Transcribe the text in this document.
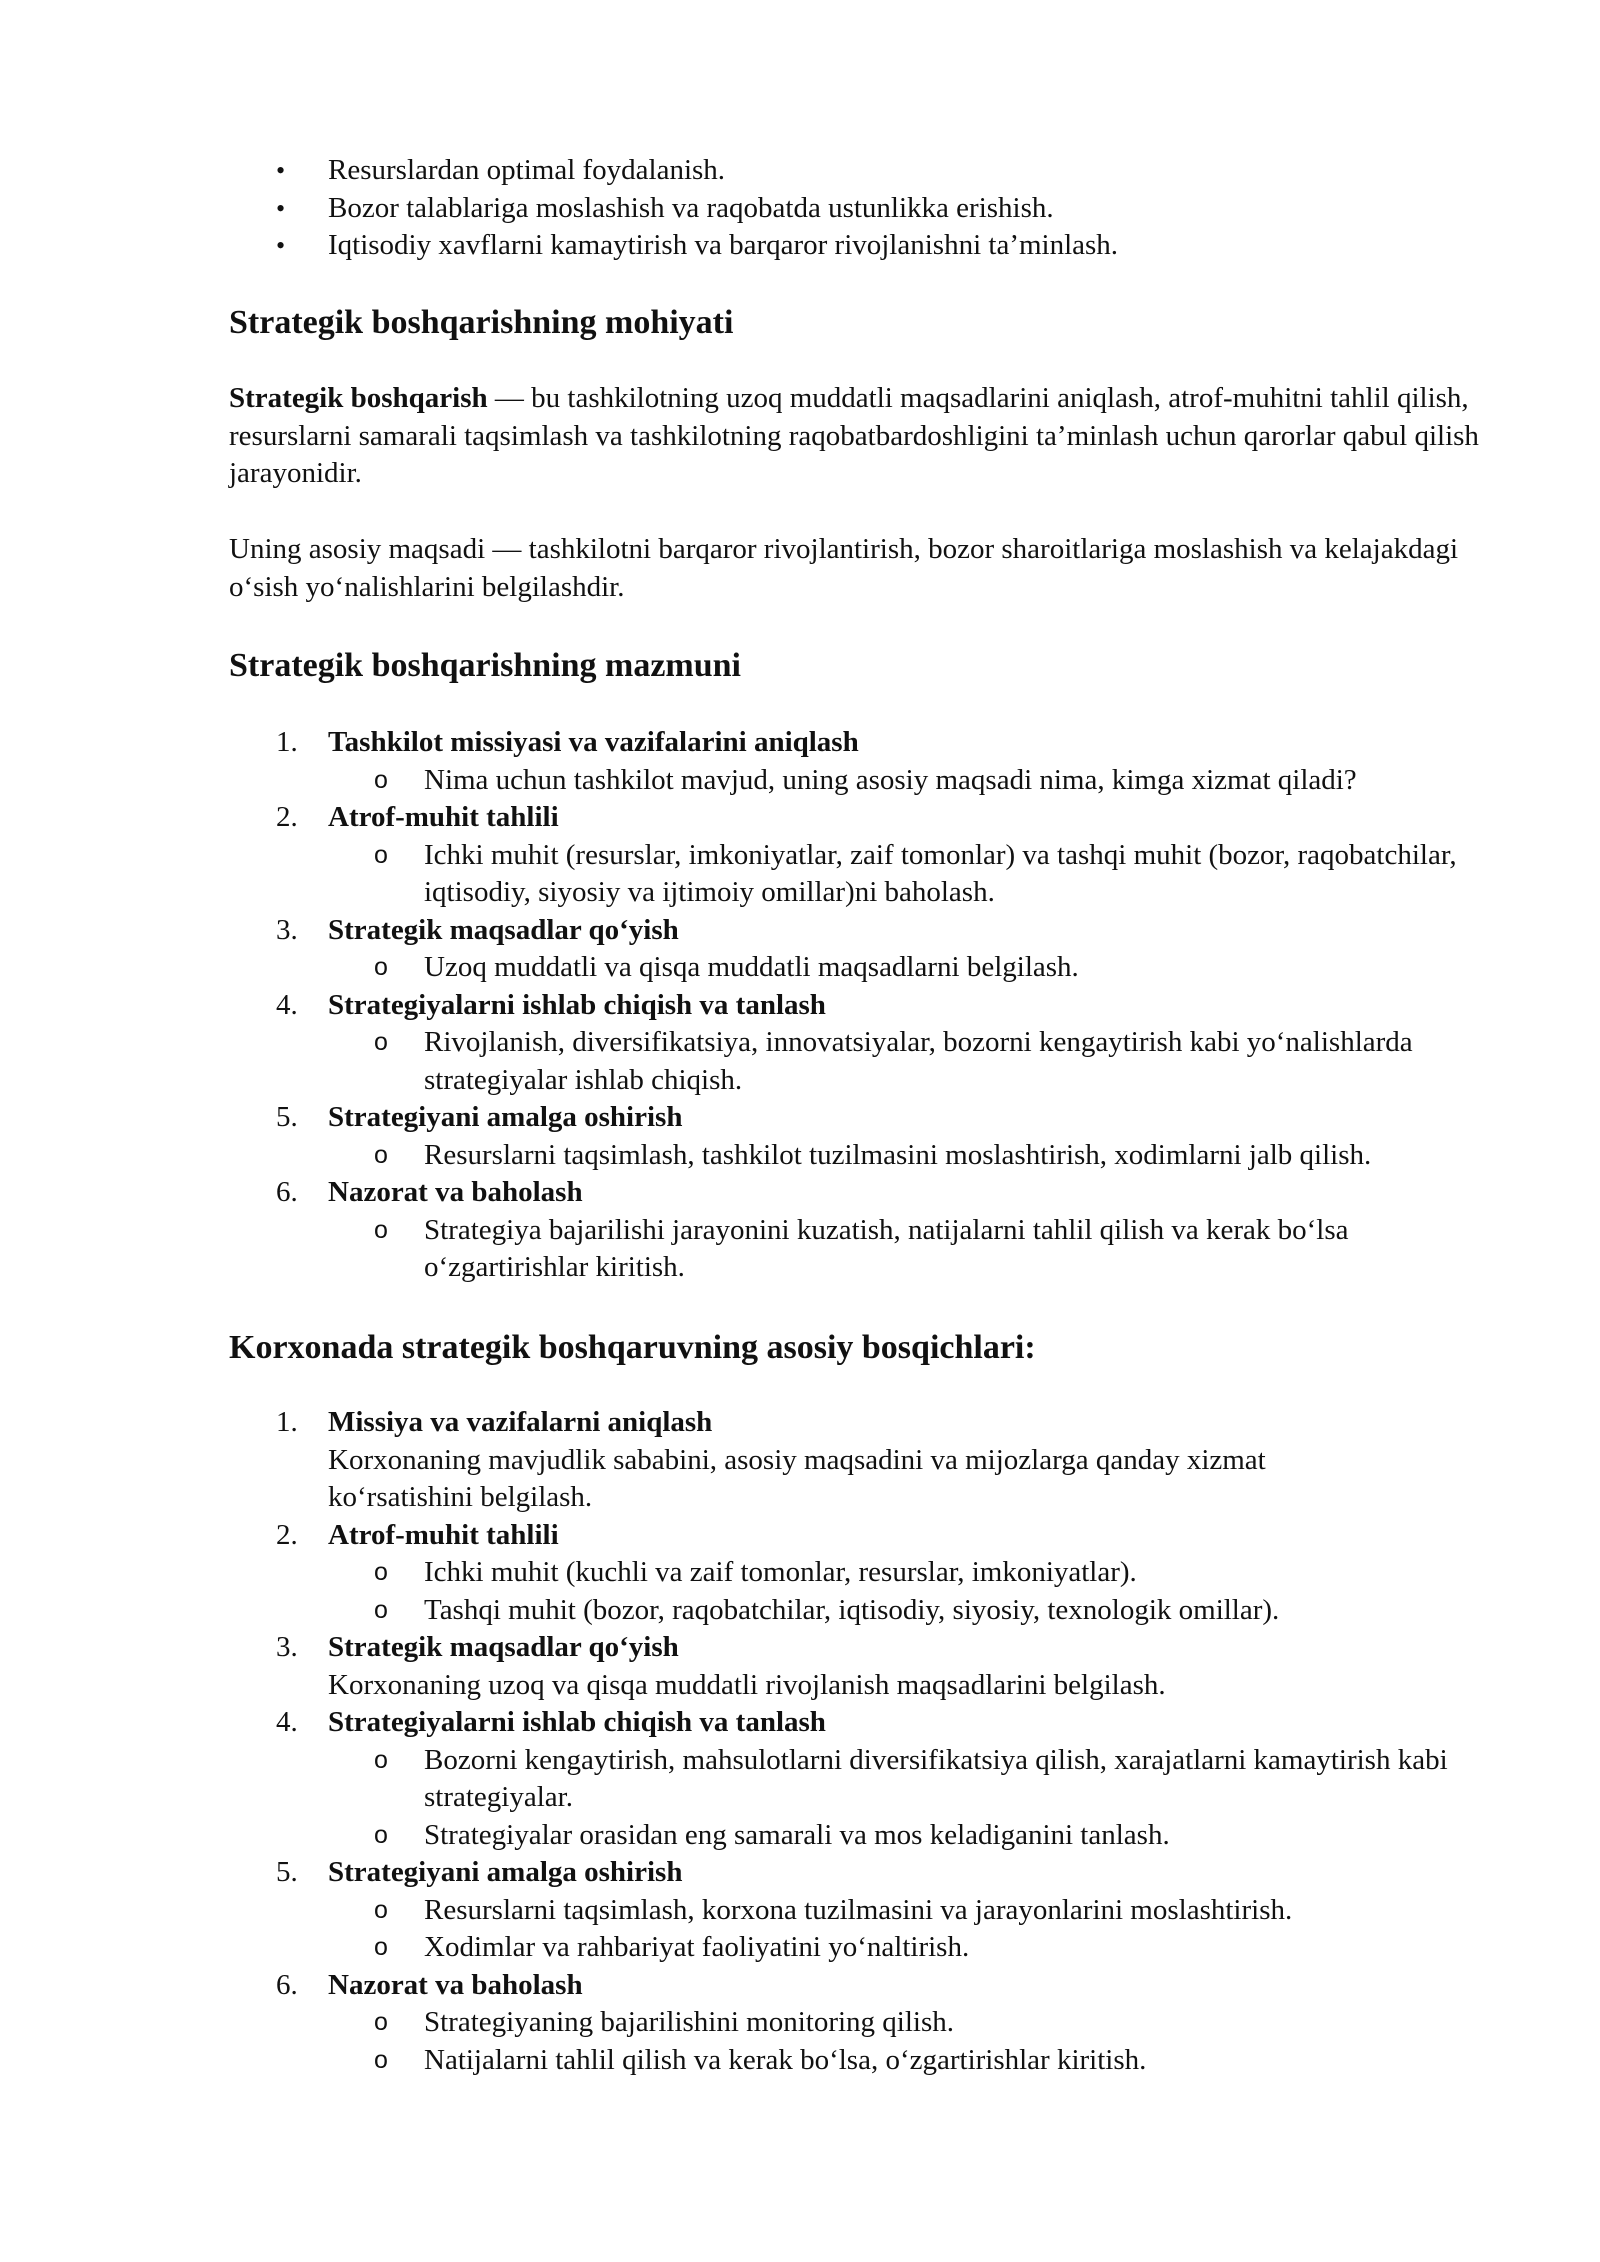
• Resurslardan optimal foydalanish.
• Bozor talablariga moslashish va raqobatda ustunlikka erishish.
• Iqtisodiy xavflarni kamaytirish va barqaror rivojlanishni ta’minlash.
Strategik boshqarishning mohiyati

Strategik boshqarish — bu tashkilotning uzoq muddatli maqsadlarini aniqlash, atrof-muhitni tahlil qilish, resurslarni samarali taqsimlash va tashkilotning raqobatbardoshligini ta’minlash uchun qarorlar qabul qilish jarayonidir.

Uning asosiy maqsadi — tashkilotni barqaror rivojlantirish, bozor sharoitlariga moslashish va kelajakdagi o‘sish yo‘nalishlarini belgilashdir.

Strategik boshqarishning mazmuni
1.	Tashkilot missiyasi va vazifalarini aniqlash
o Nima uchun tashkilot mavjud, uning asosiy maqsadi nima, kimga xizmat qiladi?
2.	Atrof-muhit tahlili
o Ichki muhit (resurslar, imkoniyatlar, zaif tomonlar) va tashqi muhit (bozor, raqobatchilar, iqtisodiy, siyosiy va ijtimoiy omillar)ni baholash.
3.	Strategik maqsadlar qo‘yish
o Uzoq muddatli va qisqa muddatli maqsadlarni belgilash.
4.	Strategiyalarni ishlab chiqish va tanlash
o Rivojlanish, diversifikatsiya, innovatsiyalar, bozorni kengaytirish kabi yo‘nalishlarda strategiyalar ishlab chiqish.
5.	Strategiyani amalga oshirish
o Resurslarni taqsimlash, tashkilot tuzilmasini moslashtirish, xodimlarni jalb qilish.
6.	Nazorat va baholash
o Strategiya bajarilishi jarayonini kuzatish, natijalarni tahlil qilish va kerak bo‘lsa o‘zgartirishlar kiritish.
Korxonada strategik boshqaruvning asosiy bosqichlari:
1.	Missiya va vazifalarni aniqlash
Korxonaning mavjudlik sababini, asosiy maqsadini va mijozlarga qanday xizmat ko‘rsatishini belgilash.
2.	Atrof-muhit tahlili
o Ichki muhit (kuchli va zaif tomonlar, resurslar, imkoniyatlar).
o Tashqi muhit (bozor, raqobatchilar, iqtisodiy, siyosiy, texnologik omillar).
3.	Strategik maqsadlar qo‘yish
Korxonaning uzoq va qisqa muddatli rivojlanish maqsadlarini belgilash.
4.	Strategiyalarni ishlab chiqish va tanlash
o Bozorni kengaytirish, mahsulotlarni diversifikatsiya qilish, xarajatlarni kamaytirish kabi strategiyalar.
o Strategiyalar orasidan eng samarali va mos keladiganini tanlash.
5.	Strategiyani amalga oshirish
o Resurslarni taqsimlash, korxona tuzilmasini va jarayonlarini moslashtirish.
o Xodimlar va rahbariyat faoliyatini yo‘naltirish.
6.	Nazorat va baholash
o Strategiyaning bajarilishini monitoring qilish.
o Natijalarni tahlil qilish va kerak bo‘lsa, o‘zgartirishlar kiritish.
